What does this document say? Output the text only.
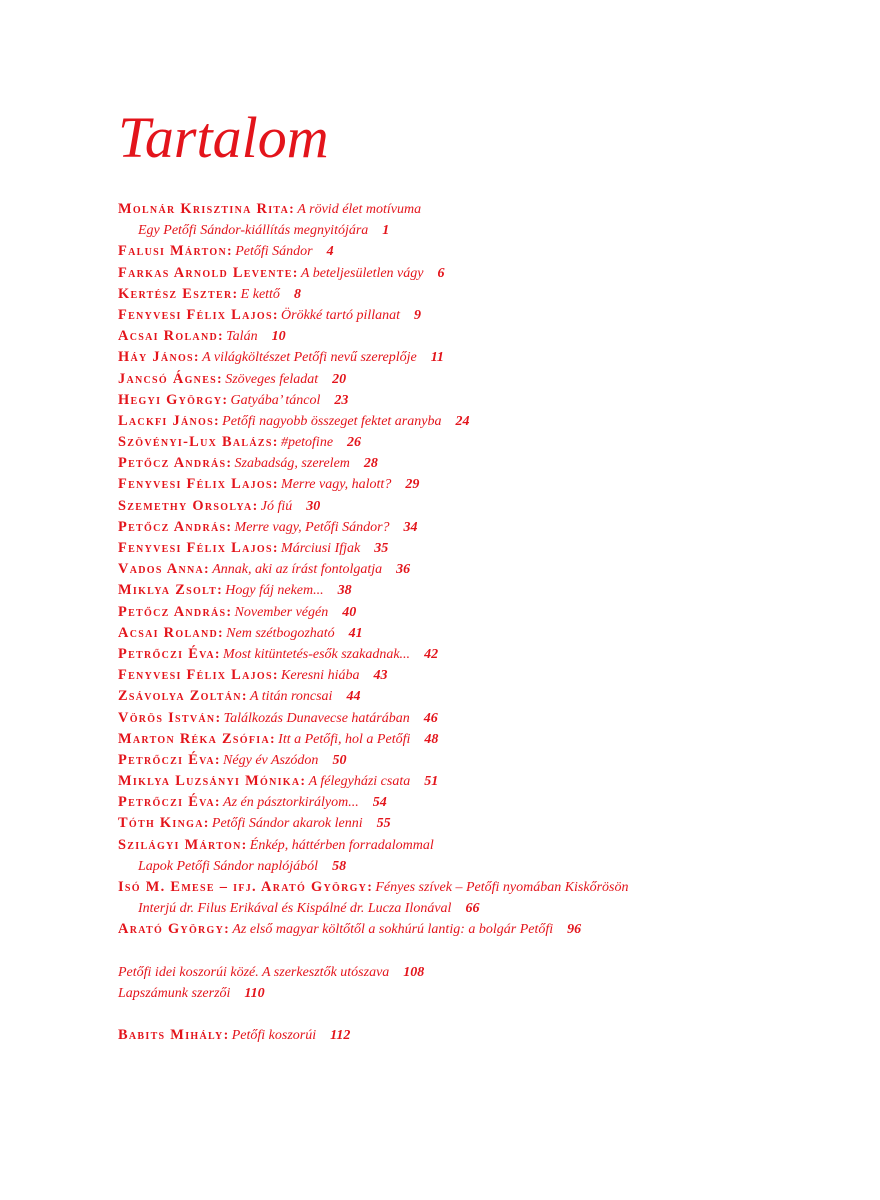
Tartalom
Molnár Krisztina Rita: A rövid élet motívuma
Egy Petőfi Sándor-kiállítás megnyitójára 1
Falusi Márton: Petőfi Sándor 4
Farkas Arnold Levente: A beteljesületlen vágy 6
Kertész Eszter: E kettő 8
Fenyvesi Félix Lajos: Örökké tartó pillanat 9
Acsai Roland: Talán 10
Háy János: A világköltészet Petőfi nevű szereplője 11
Jancsó Ágnes: Szöveges feladat 20
Hegyi György: Gatyába’ táncol 23
Lackfi János: Petőfi nagyobb összeget fektet aranyba 24
Szövényi-Lux Balázs: #petofine 26
Petőcz András: Szabadság, szerelem 28
Fenyvesi Félix Lajos: Merre vagy, halott? 29
Szemethy Orsolya: Jó fiú 30
Petőcz András: Merre vagy, Petőfi Sándor? 34
Fenyvesi Félix Lajos: Márciusi Ifjak 35
Vados Anna: Annak, aki az írást fontolgatja 36
Miklya Zsolt: Hogy fáj nekem... 38
Petőcz András: November végén 40
Acsai Roland: Nem szétbogozható 41
Petrőczi Éva: Most kitüntetés-esők szakadnak... 42
Fenyvesi Félix Lajos: Keresni hiába 43
Zsávolya Zoltán: A titán roncsai 44
Vörös István: Találkozás Dunavecse határában 46
Marton Réka Zsófia: Itt a Petőfi, hol a Petőfi 48
Petrőczi Éva: Négy év Aszódon 50
Miklya Luzsányi Mónika: A félegyházi csata 51
Petrőczi Éva: Az én pásztorkirályom... 54
Tóth Kinga: Petőfi Sándor akarok lenni 55
Szilágyi Márton: Énkép, háttérben forradalommal
Lapok Petőfi Sándor naplójából 58
Isó M. Emese – ifj. Arató György: Fényes szívek – Petőfi nyomában Kiskőrösön
Interjú dr. Filus Erikával és Kispálné dr. Lucza Ilonával 66
Arató György: Az első magyar költőtől a sokhúrú lantig: a bolgár Petőfi 96
Petőfi idei koszorúi közé. A szerkesztők utószava 108
Lapszámunk szerzői 110
Babits Mihály: Petőfi koszorúi 112
